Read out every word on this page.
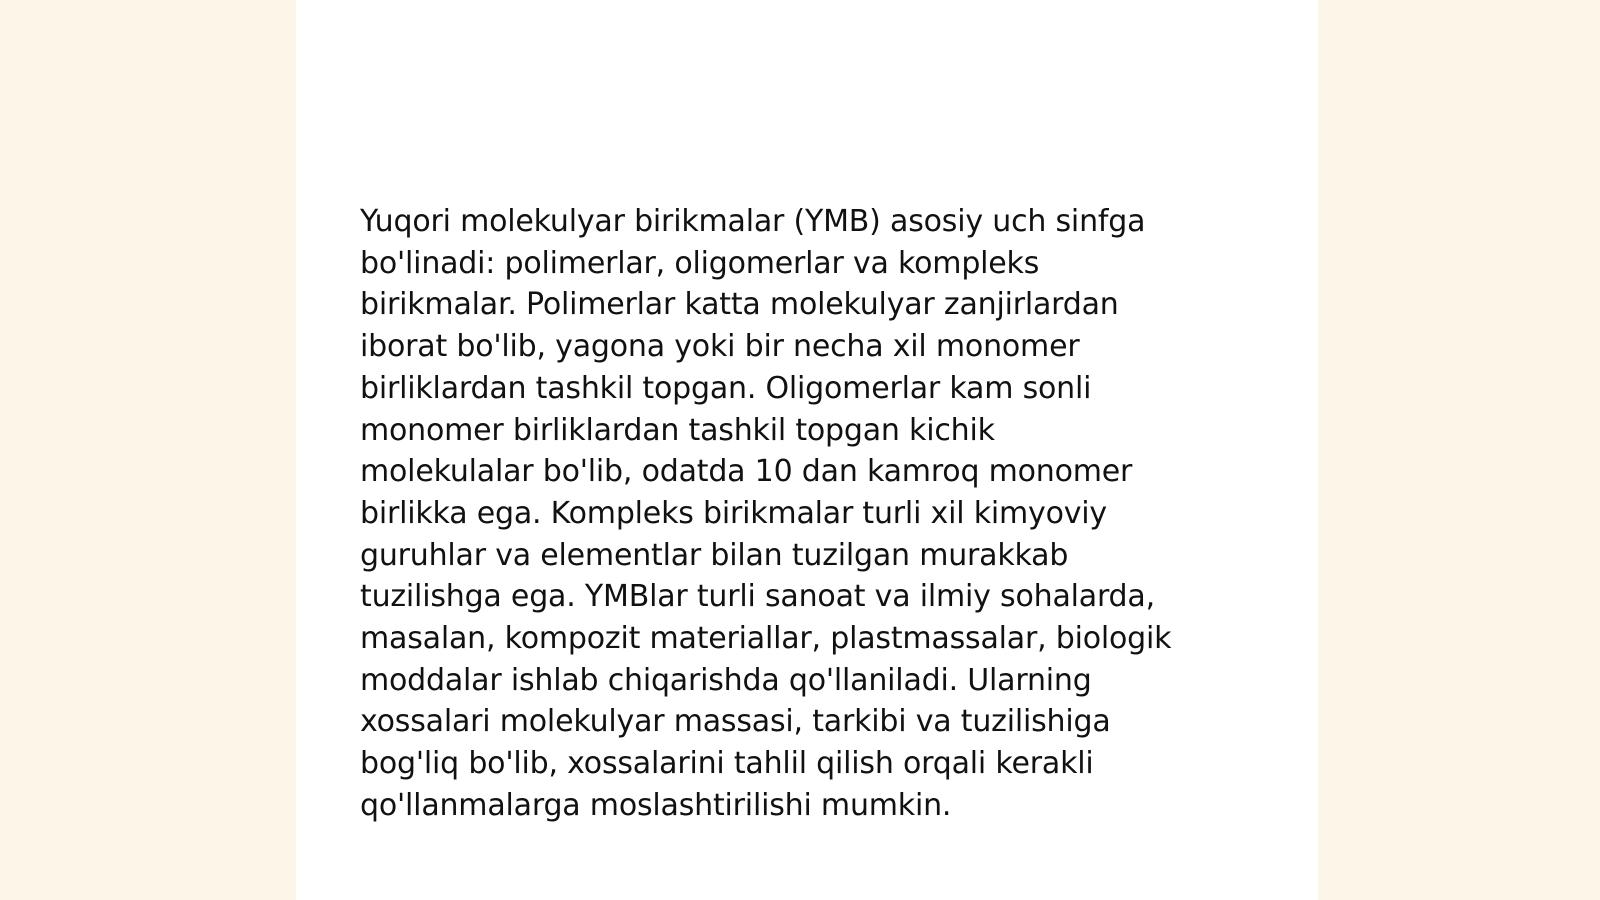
Yuqori molekulyar birikmalar (YMB) asosiy uch sinfga
bo'linadi: polimerlar, oligomerlar va kompleks
birikmalar. Polimerlar katta molekulyar zanjirlardan
iborat bo'lib, yagona yoki bir necha xil monomer
birliklardan tashkil topgan. Oligomerlar kam sonli
monomer birliklardan tashkil topgan kichik
molekulalar bo'lib, odatda 10 dan kamroq monomer
birlikka ega. Kompleks birikmalar turli xil kimyoviy
guruhlar va elementlar bilan tuzilgan murakkab
tuzilishga ega. YMBlar turli sanoat va ilmiy sohalarda,
masalan, kompozit materiallar, plastmassalar, biologik
moddalar ishlab chiqarishda qo'llaniladi. Ularning
xossalari molekulyar massasi, tarkibi va tuzilishiga
bog'liq bo'lib, xossalarini tahlil qilish orqali kerakli
qo'llanmalarga moslashtirilishi mumkin.
